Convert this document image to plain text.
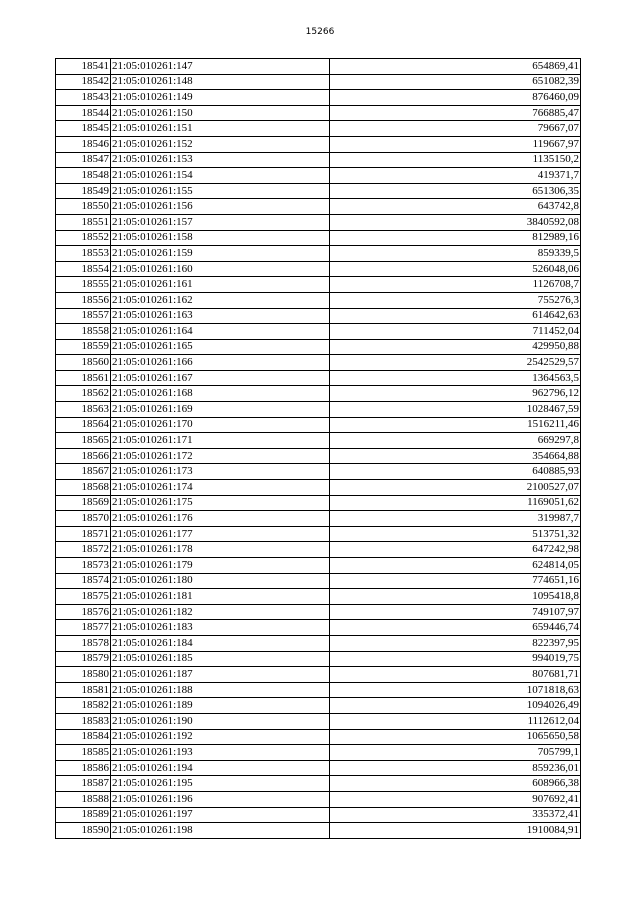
15266
18541	21:05:010261:147	654869,41
18542	21:05:010261:148	651082,39
18543	21:05:010261:149	876460,09
18544	21:05:010261:150	766885,47
18545	21:05:010261:151	79667,07
18546	21:05:010261:152	119667,97
18547	21:05:010261:153	1135150,2
18548	21:05:010261:154	419371,7
18549	21:05:010261:155	651306,35
18550	21:05:010261:156	643742,8
18551	21:05:010261:157	3840592,08
18552	21:05:010261:158	812989,16
18553	21:05:010261:159	859339,5
18554	21:05:010261:160	526048,06
18555	21:05:010261:161	1126708,7
18556	21:05:010261:162	755276,3
18557	21:05:010261:163	614642,63
18558	21:05:010261:164	711452,04
18559	21:05:010261:165	429950,88
18560	21:05:010261:166	2542529,57
18561	21:05:010261:167	1364563,5
18562	21:05:010261:168	962796,12
18563	21:05:010261:169	1028467,59
18564	21:05:010261:170	1516211,46
18565	21:05:010261:171	669297,8
18566	21:05:010261:172	354664,88
18567	21:05:010261:173	640885,93
18568	21:05:010261:174	2100527,07
18569	21:05:010261:175	1169051,62
18570	21:05:010261:176	319987,7
18571	21:05:010261:177	513751,32
18572	21:05:010261:178	647242,98
18573	21:05:010261:179	624814,05
18574	21:05:010261:180	774651,16
18575	21:05:010261:181	1095418,8
18576	21:05:010261:182	749107,97
18577	21:05:010261:183	659446,74
18578	21:05:010261:184	822397,95
18579	21:05:010261:185	994019,75
18580	21:05:010261:187	807681,71
18581	21:05:010261:188	1071818,63
18582	21:05:010261:189	1094026,49
18583	21:05:010261:190	1112612,04
18584	21:05:010261:192	1065650,58
18585	21:05:010261:193	705799,1
18586	21:05:010261:194	859236,01
18587	21:05:010261:195	608966,38
18588	21:05:010261:196	907692,41
18589	21:05:010261:197	335372,41
18590	21:05:010261:198	1910084,91
